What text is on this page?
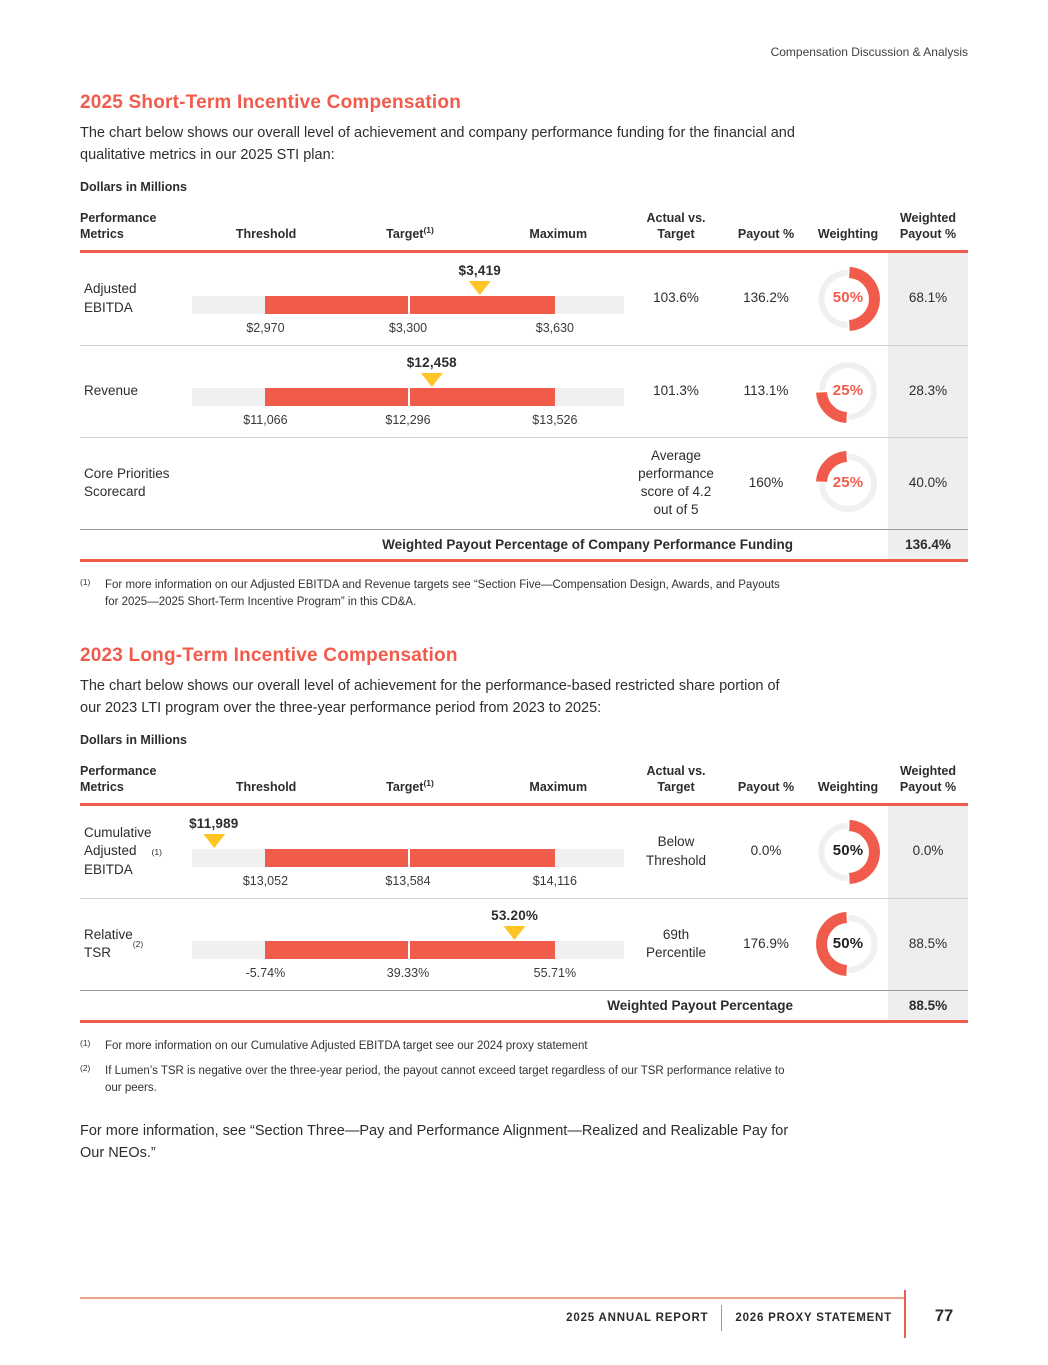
Compensation Discussion & Analysis
2025 Short-Term Incentive Compensation

The chart below shows our overall level of achievement and company performance funding for the financial and
qualitative metrics in our 2025 STI plan:

Dollars in Millions
Performance
Metrics	Threshold	Target$^{(1)}$	Maximum
Actual vs.
Target	Payout %	Weighting
Weighted
Payout %
Adjusted
EBITDA
$3,419
$2,970	$3,300	$3,630
103.6%	136.2%	50%	68.1%
Revenue
$12,458
$11,066	$12,296	$13,526
101.3%	113.1%	25%	28.3%
Core Priorities
Scorecard
Average
performance
score of 4.2
out of 5
160%	25%	40.0%
Weighted Payout Percentage of Company Performance Funding	136.4%
(1)	For more information on our Adjusted EBITDA and Revenue targets see “Section Five—Compensation Design, Awards, and Payouts
for 2025—2025 Short-Term Incentive Program” in this CD&A.
2023 Long-Term Incentive Compensation

The chart below shows our overall level of achievement for the performance-based restricted share portion of
our 2023 LTI program over the three-year performance period from 2023 to 2025:

Dollars in Millions
Performance
Metrics	Threshold	Target$^{(1)}$	Maximum
Actual vs.
Target	Payout %	Weighting
Weighted
Payout %
Cumulative
Adjusted
EBITDA
(1)
$11,989
$13,052	$13,584	$14,116
Below
Threshold
0.0%	50%	0.0%
Relative
TSR
(2)
53.20%
-5.74%	39.33%	55.71%
69th
Percentile
176.9%	50%	88.5%
Weighted Payout Percentage	88.5%
(1)	For more information on our Cumulative Adjusted EBITDA target see our 2024 proxy statement
(2)	If Lumen’s TSR is negative over the three-year period, the payout cannot exceed target regardless of our TSR performance relative to
our peers.

For more information, see “Section Three—Pay and Performance Alignment—Realized and Realizable Pay for
Our NEOs.”

2025 ANNUAL REPORT 2026 PROXY STATEMENT	77
